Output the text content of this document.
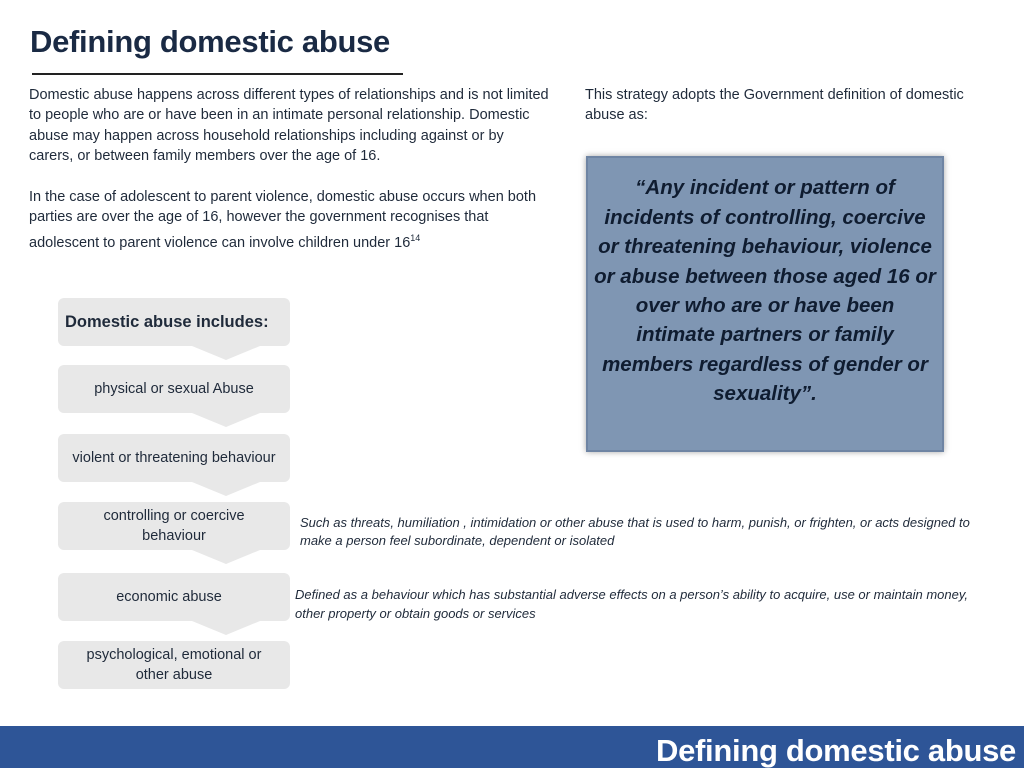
Defining domestic abuse

Domestic abuse happens across different types of relationships and is not limited to people who are or have been in an intimate personal relationship. Domestic abuse may happen across household relationships including against or by carers, or between family members over the age of 16.

In the case of adolescent to parent violence, domestic abuse occurs when both parties are over the age of 16, however the government recognises that adolescent to parent violence can involve children under $16^{14}$

This strategy adopts the Government definition of domestic abuse as:
“Any incident or pattern of incidents of controlling, coercive or threatening behaviour, violence or abuse between those aged 16 or over who are or have been intimate partners or family members regardless of gender or sexuality”.
Domestic abuse includes:
physical or sexual Abuse
violent or threatening behaviour
controlling or coercive behaviour
economic abuse
psychological, emotional or other abuse
Such as threats, humiliation , intimidation or other abuse that is used to harm, punish, or frighten, or acts designed to make a person feel subordinate, dependent or isolated
Defined as a behaviour which has substantial adverse effects on a person’s ability to acquire, use or maintain money, other property or obtain goods or services
Defining domestic abuse
